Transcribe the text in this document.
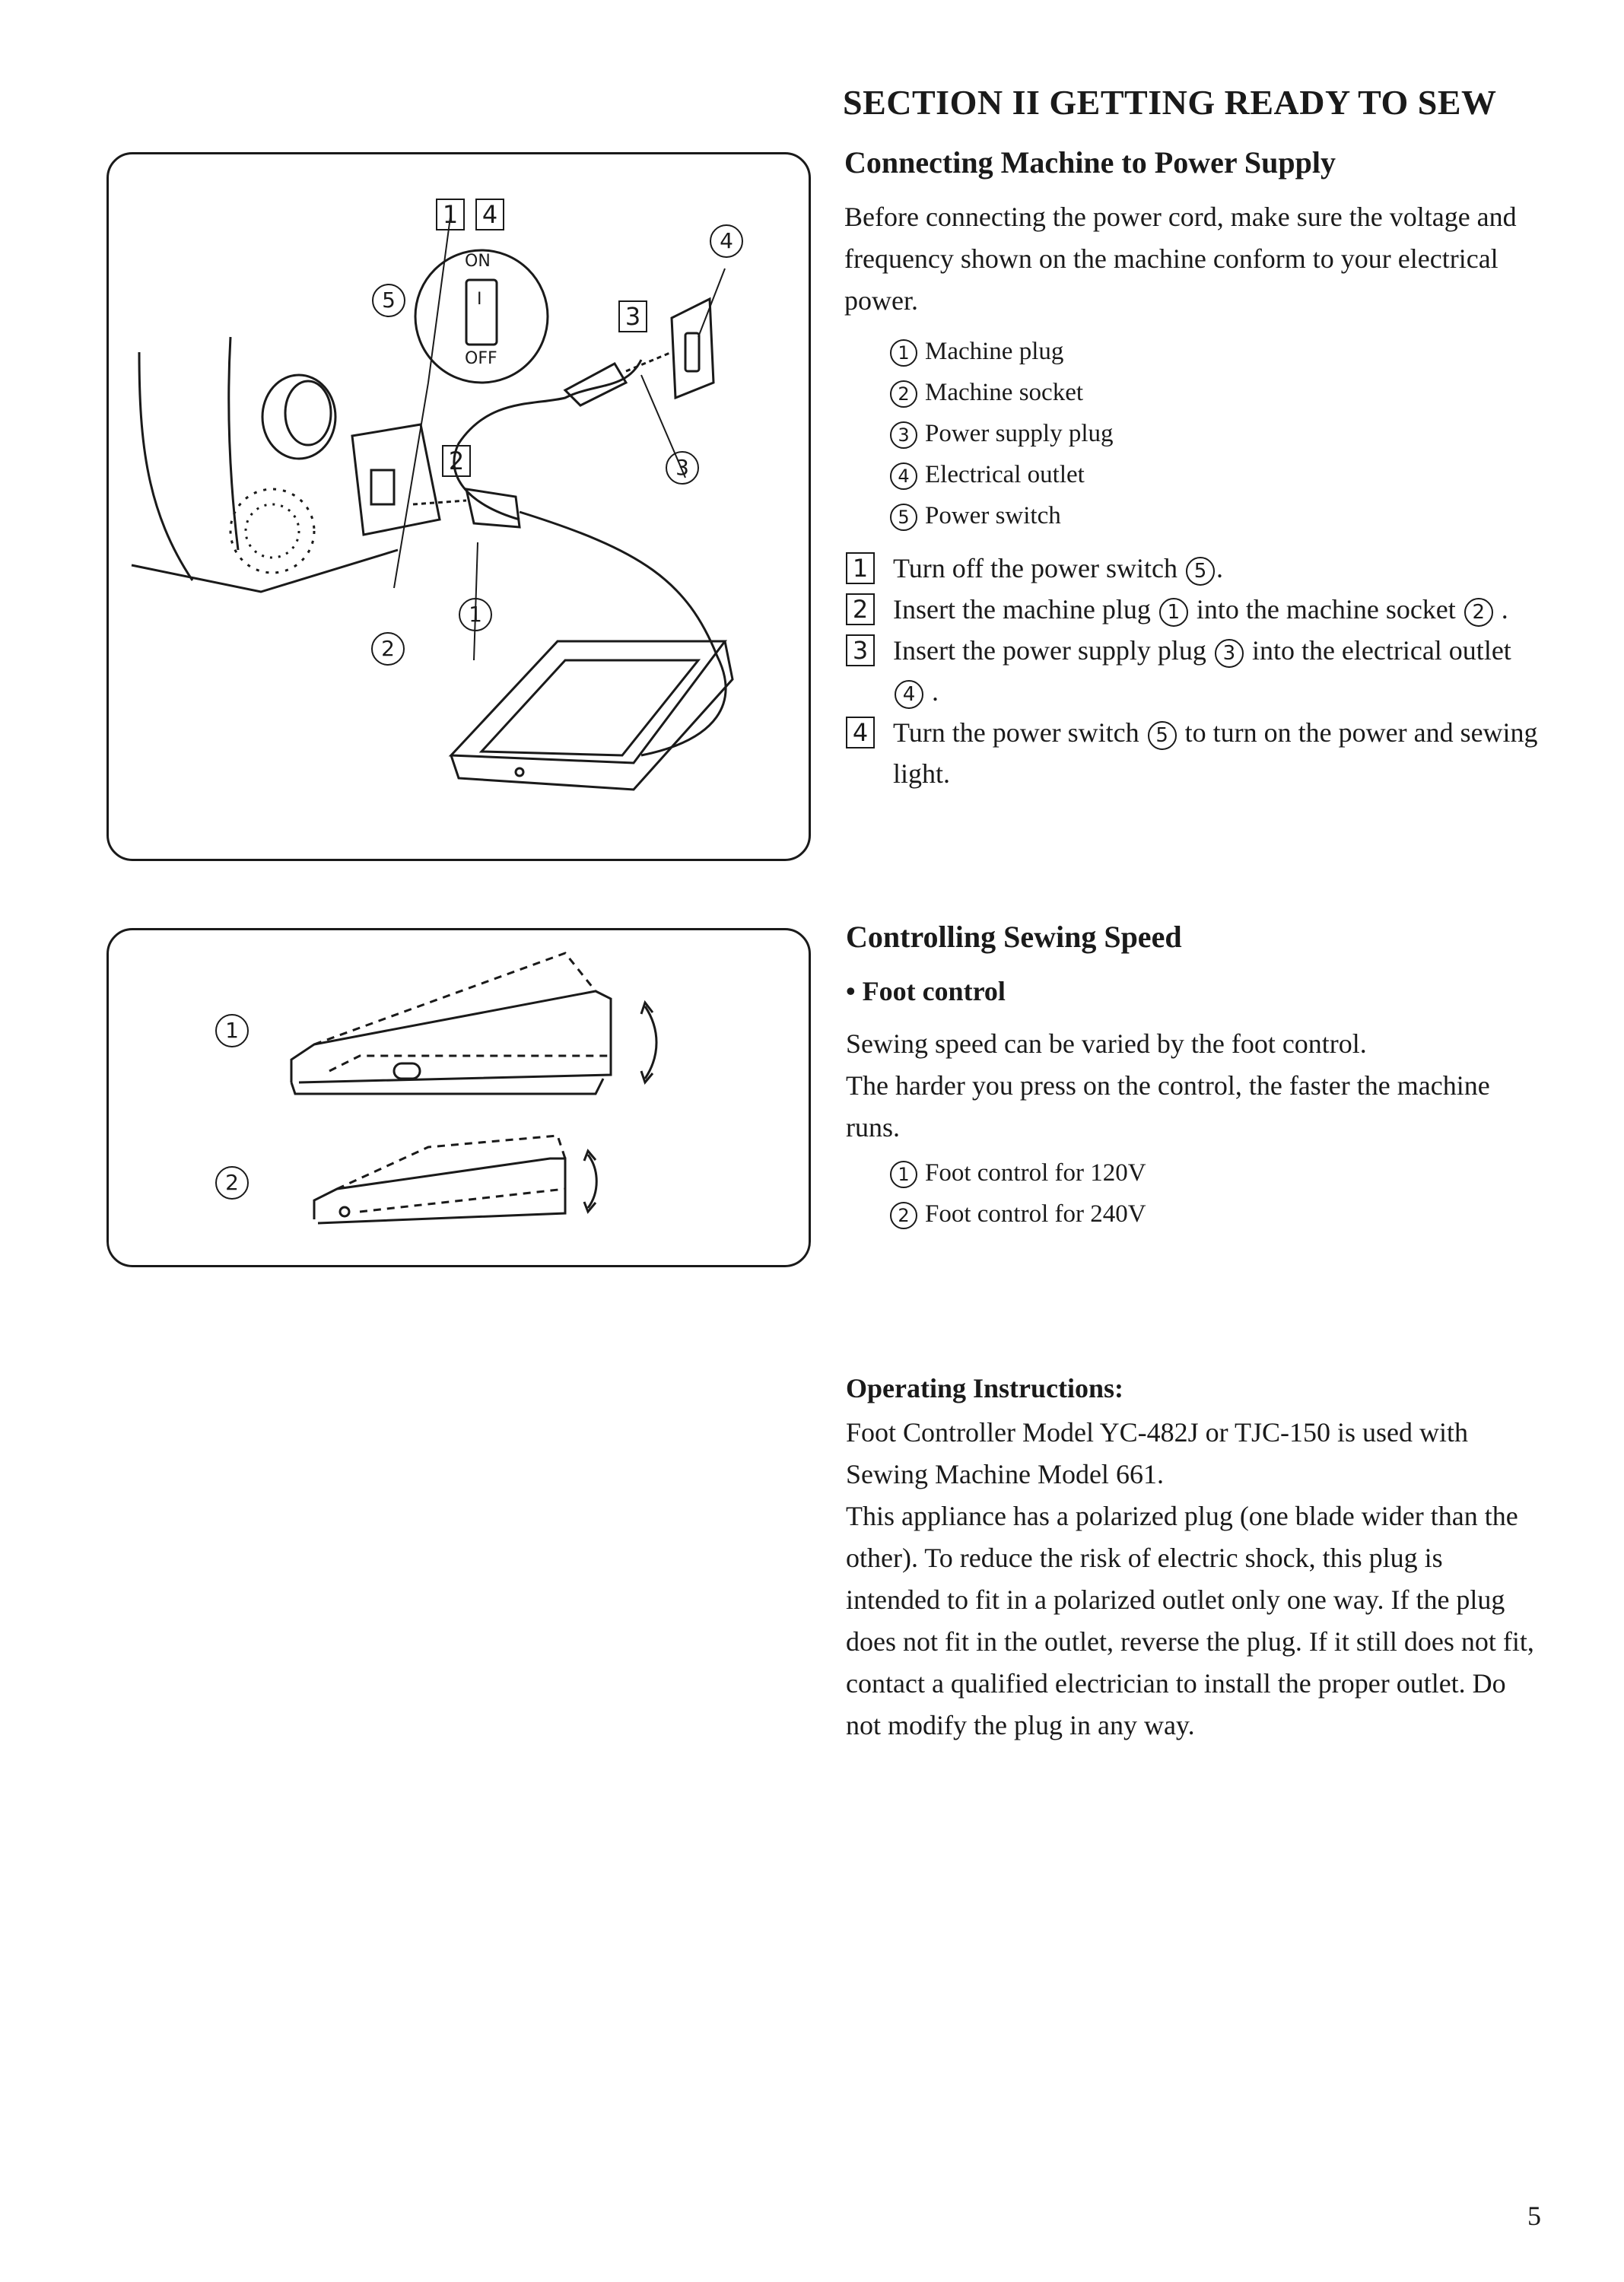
ON
OFF
I
1 4
3
2
4
5
3
1
2
1
2
SECTION II GETTING READY TO SEW
Connecting Machine to Power Supply
Before connecting the power cord, make sure the voltage and frequency shown on the machine conform to your electrical power.
1 Machine plug
2 Machine socket
3 Power supply plug
4 Electrical outlet
5 Power switch
1 Turn off the power switch 5 .
2 Insert the machine plug 1 into the machine socket 2 .
3 Insert the power supply plug 3 into the electrical outlet 4 .
4 Turn the power switch 5 to turn on the power and sewing light.
Controlling Sewing Speed
• Foot control
Sewing speed can be varied by the foot control.
The harder you press on the control, the faster the machine runs.
1 Foot control for 120V
2 Foot control for 240V
Operating Instructions:
Foot Controller Model YC-482J or TJC-150 is used with Sewing Machine Model 661.
This appliance has a polarized plug (one blade wider than the other). To reduce the risk of electric shock, this plug is intended to fit in a polarized outlet only one way. If the plug does not fit in the outlet, reverse the plug. If it still does not fit, contact a qualified electrician to install the proper outlet. Do not modify the plug in any way.
5
